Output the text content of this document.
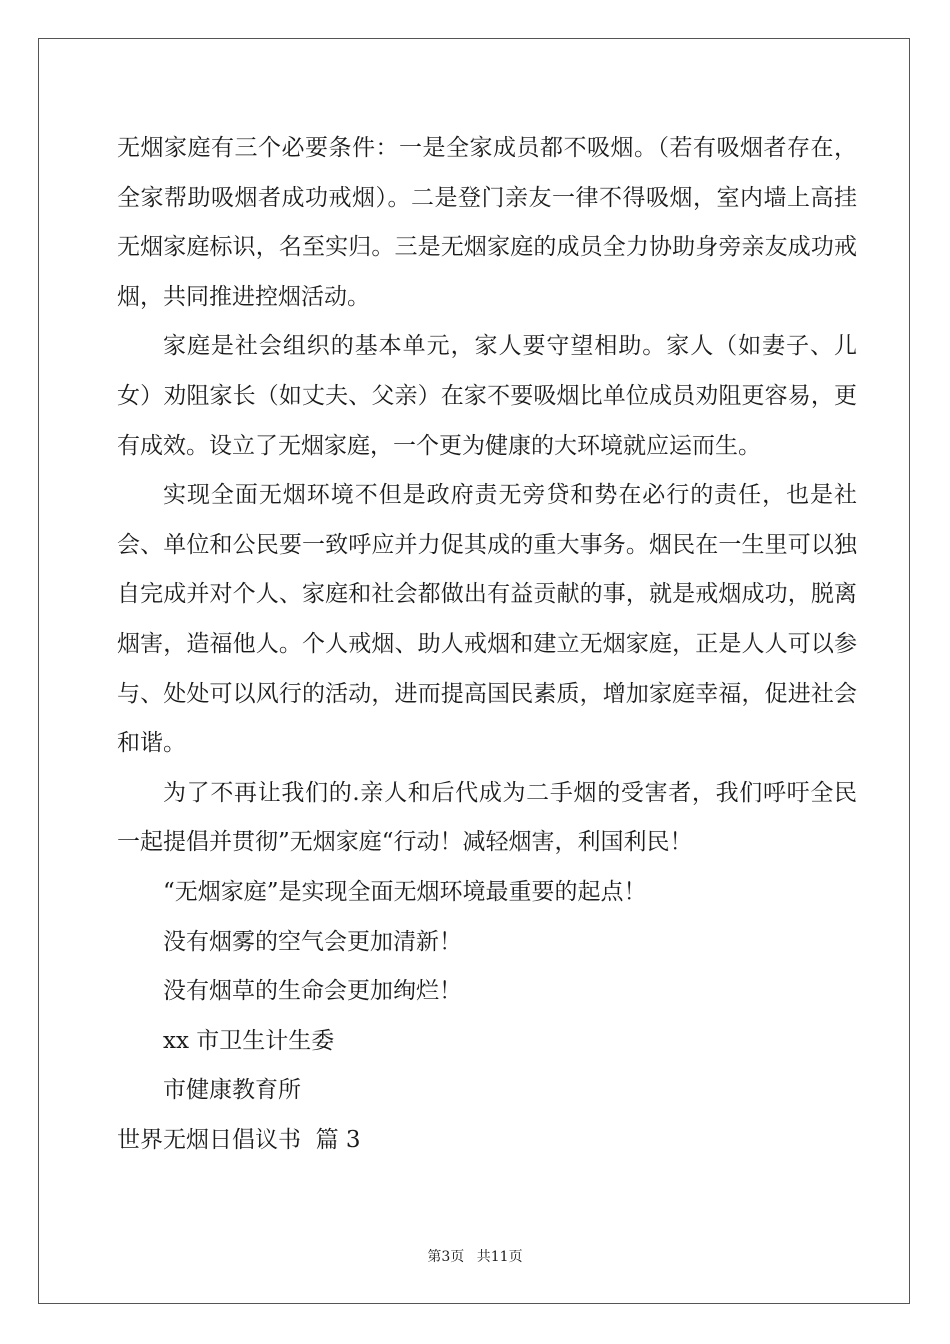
无烟家庭有三个必要条件：一是全家成员都不吸烟。（若有吸烟者存在，全家帮助吸烟者成功戒烟）。二是登门亲友一律不得吸烟，室内墙上高挂无烟家庭标识，名至实归。三是无烟家庭的成员全力协助身旁亲友成功戒烟，共同推进控烟活动。

家庭是社会组织的基本单元，家人要守望相助。家人（如妻子、儿女）劝阻家长（如丈夫、父亲）在家不要吸烟比单位成员劝阻更容易，更有成效。设立了无烟家庭，一个更为健康的大环境就应运而生。

实现全面无烟环境不但是政府责无旁贷和势在必行的责任，也是社会、单位和公民要一致呼应并力促其成的重大事务。烟民在一生里可以独自完成并对个人、家庭和社会都做出有益贡献的事，就是戒烟成功，脱离烟害，造福他人。个人戒烟、助人戒烟和建立无烟家庭，正是人人可以参与、处处可以风行的活动，进而提高国民素质，增加家庭幸福，促进社会和谐。

为了不再让我们的.亲人和后代成为二手烟的受害者，我们呼吁全民一起提倡并贯彻”无烟家庭“行动！减轻烟害，利国利民！

“无烟家庭”是实现全面无烟环境最重要的起点！

没有烟雾的空气会更加清新！

没有烟草的生命会更加绚烂！

xx 市卫生计生委

市健康教育所

世界无烟日倡议书  篇 3

第3页 共11页
